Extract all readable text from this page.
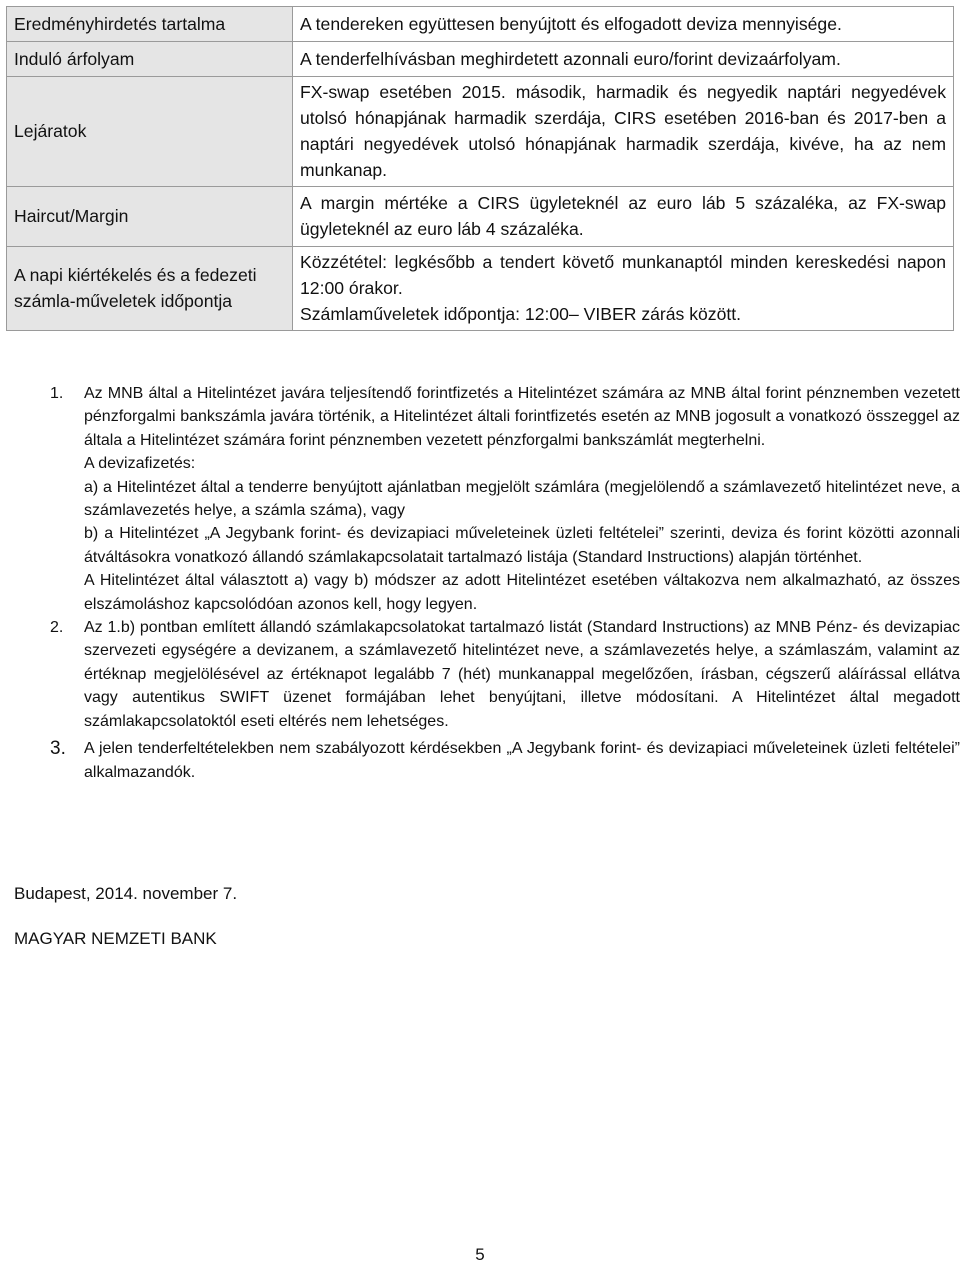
Eredményhirdetés tartalma	A tendereken együttesen benyújtott és elfogadott deviza mennyisége.

Induló árfolyam	A tenderfelhívásban meghirdetett azonnali euro/forint devizaárfolyam.

Lejáratok	FX-swap esetében 2015. második, harmadik és negyedik naptári negyedévek utolsó hónapjának harmadik szerdája, CIRS esetében 2016-ban és 2017-ben a naptári negyedévek utolsó hónapjának harmadik szerdája, kivéve, ha az nem munkanap.

Haircut/Margin	A margin mértéke a CIRS ügyleteknél az euro láb 5 százaléka, az FX-swap ügyleteknél az euro láb 4 százaléka.

A napi kiértékelés és a fedezeti számla-műveletek időpontja	Közzététel: legkésőbb a tendert követő munkanaptól minden kereskedési napon 12:00 órakor.

Számlaműveletek időpontja: 12:00– VIBER zárás között.

1. Az MNB által a Hitelintézet javára teljesítendő forintfizetés a Hitelintézet számára az MNB által forint pénznemben vezetett pénzforgalmi bankszámla javára történik, a Hitelintézet általi forintfizetés esetén az MNB jogosult a vonatkozó összeggel az általa a Hitelintézet számára forint pénznemben vezetett pénzforgalmi bankszámlát megterhelni.

A devizafizetés:

a) a Hitelintézet által a tenderre benyújtott ajánlatban megjelölt számlára (megjelölendő a számlavezető hitelintézet neve, a számlavezetés helye, a számla száma), vagy

b) a Hitelintézet „A Jegybank forint- és devizapiaci műveleteinek üzleti feltételei” szerinti, deviza és forint közötti azonnali átváltásokra vonatkozó állandó számlakapcsolatait tartalmazó listája (Standard Instructions) alapján történhet.

A Hitelintézet által választott a) vagy b) módszer az adott Hitelintézet esetében váltakozva nem alkalmazható, az összes elszámoláshoz kapcsolódóan azonos kell, hogy legyen.

2. Az 1.b) pontban említett állandó számlakapcsolatokat tartalmazó listát (Standard Instructions) az MNB Pénz- és devizapiac szervezeti egységére a devizanem, a számlavezető hitelintézet neve, a számlavezetés helye, a számlaszám, valamint az értéknap megjelölésével az értéknapot legalább 7 (hét) munkanappal megelőzően, írásban, cégszerű aláírással ellátva vagy autentikus SWIFT üzenet formájában lehet benyújtani, illetve módosítani. A Hitelintézet által megadott számlakapcsolatoktól eseti eltérés nem lehetséges.

3. A jelen tenderfeltételekben nem szabályozott kérdésekben „A Jegybank forint- és devizapiaci műveleteinek üzleti feltételei” alkalmazandók.

Budapest, 2014. november 7.

MAGYAR NEMZETI BANK

5
